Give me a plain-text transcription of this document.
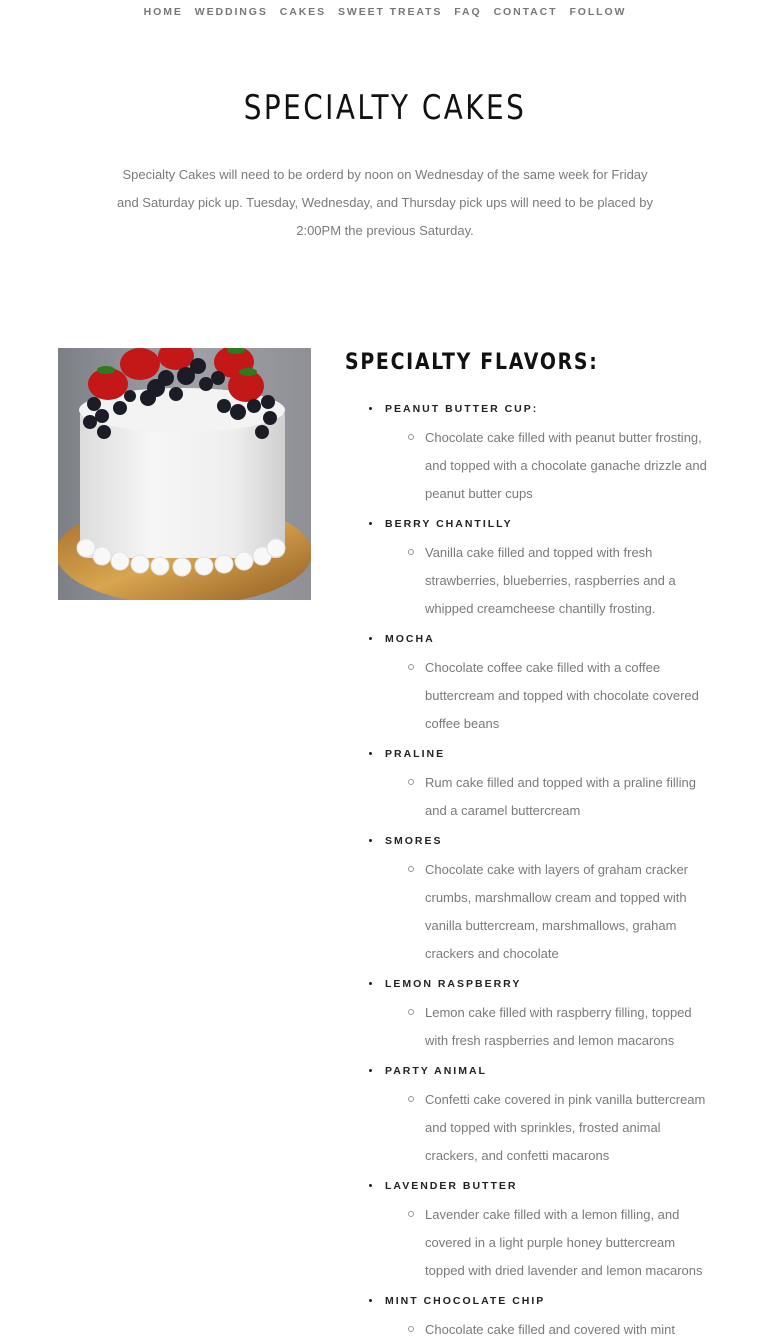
HOME	WEDDINGS	CAKES	SWEET TREATS	FAQ	CONTACT	FOLLOW
SPECIALTY CAKES

Specialty Cakes will need to be orderd by noon on Wednesday of the same week for Friday and Saturday pick up. Tuesday, Wednesday, and Thursday pick ups will need to be placed by 2:00PM the previous Saturday.

SPECIALTY FLAVORS:
PEANUT BUTTER CUP:
Chocolate cake filled with peanut butter frosting, and topped with a chocolate ganache drizzle and peanut butter cups
BERRY CHANTILLY
Vanilla cake filled and topped with fresh strawberries, blueberries, raspberries and a whipped creamcheese chantilly frosting.
MOCHA
Chocolate coffee cake filled with a coffee buttercream and topped with chocolate covered coffee beans
PRALINE
Rum cake filled and topped with a praline filling and a caramel buttercream
SMORES
Chocolate cake with layers of graham cracker crumbs, marshmallow cream and topped with vanilla buttercream, marshmallows, graham crackers and chocolate
LEMON RASPBERRY
Lemon cake filled with raspberry filling, topped with fresh raspberries and lemon macarons
PARTY ANIMAL
Confetti cake covered in pink vanilla buttercream and topped with sprinkles, frosted animal crackers, and confetti macarons
LAVENDER BUTTER
Lavender cake filled with a lemon filling, and covered in a light purple honey buttercream topped with dried lavender and lemon macarons
MINT CHOCOLATE CHIP
Chocolate cake filled and covered with mint
